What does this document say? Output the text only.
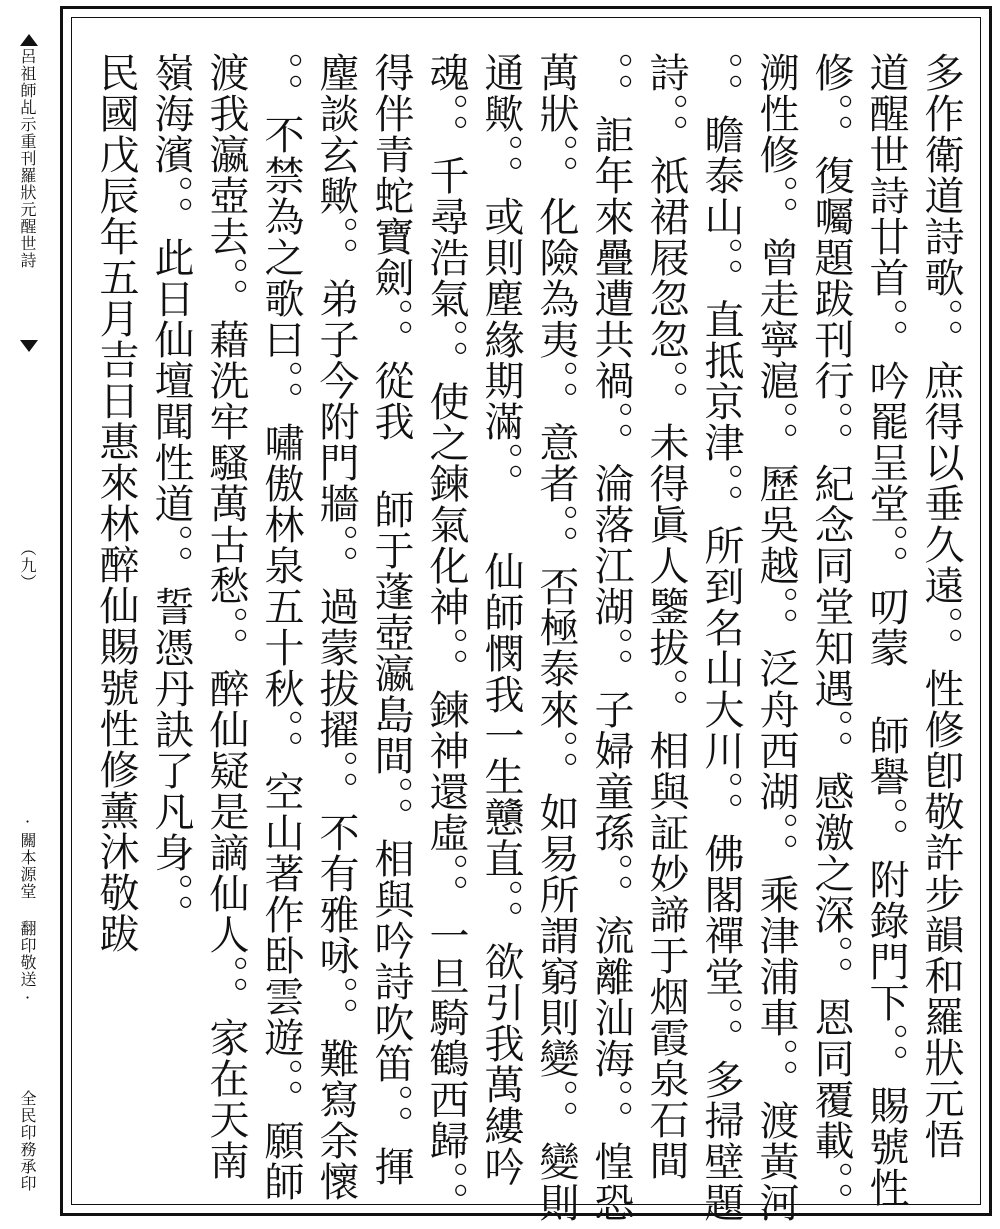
呂祖師乩示重刊羅狀元醒世詩
（九）
·關本源堂 翻印敬送·
全民印務承印	多作衛道詩歌。。庶得以垂久遠。。性修卽敬許步韻和羅狀元悟
道醒世詩廿首。。吟罷呈堂。。叨蒙 師譽。。附錄門下。。賜號性
修。。復囑題跋刊行。。紀念同堂知遇。。感激之深。。恩同覆載。。
溯性修。。曾走寧滬。。歷吳越。。泛舟西湖。。乘津浦車。。渡黃河
。。瞻泰山。。直抵京津。。所到名山大川。。佛閣禪堂。。多掃壁題
詩。。祇裙屐忽忽。。未得眞人鑒拔。。相與証妙諦于烟霞泉石間
。。詎年來疊遭共禍。。淪落江湖。。子婦童孫。。流離汕海。。惶恐
萬狀。。化險為夷。。意者。。否極泰來。。如易所謂窮則變。。變則
通歟。。或則塵緣期滿。。 仙師憫我一生戇直。。欲引我萬縷吟
魂。。千尋浩氣。。使之鍊氣化神。。鍊神還虛。。一旦騎鶴西歸。。
得伴青蛇寶劍。。從我 師于蓬壺瀛島間。。相與吟詩吹笛。。揮
麈談玄歟。。弟子今附門牆。。過蒙拔擢。。不有雅咏。。難寫余懷
。。不禁為之歌曰。。嘯傲林泉五十秋。。空山著作卧雲遊。。願師
渡我瀛壺去。。藉洗牢騷萬古愁。。醉仙疑是謫仙人。。家在天南
嶺海濱。。此日仙壇聞性道。。誓憑丹訣了凡身。。
民國戊辰年五月吉日惠來林醉仙賜號性修薰沐敬跋
